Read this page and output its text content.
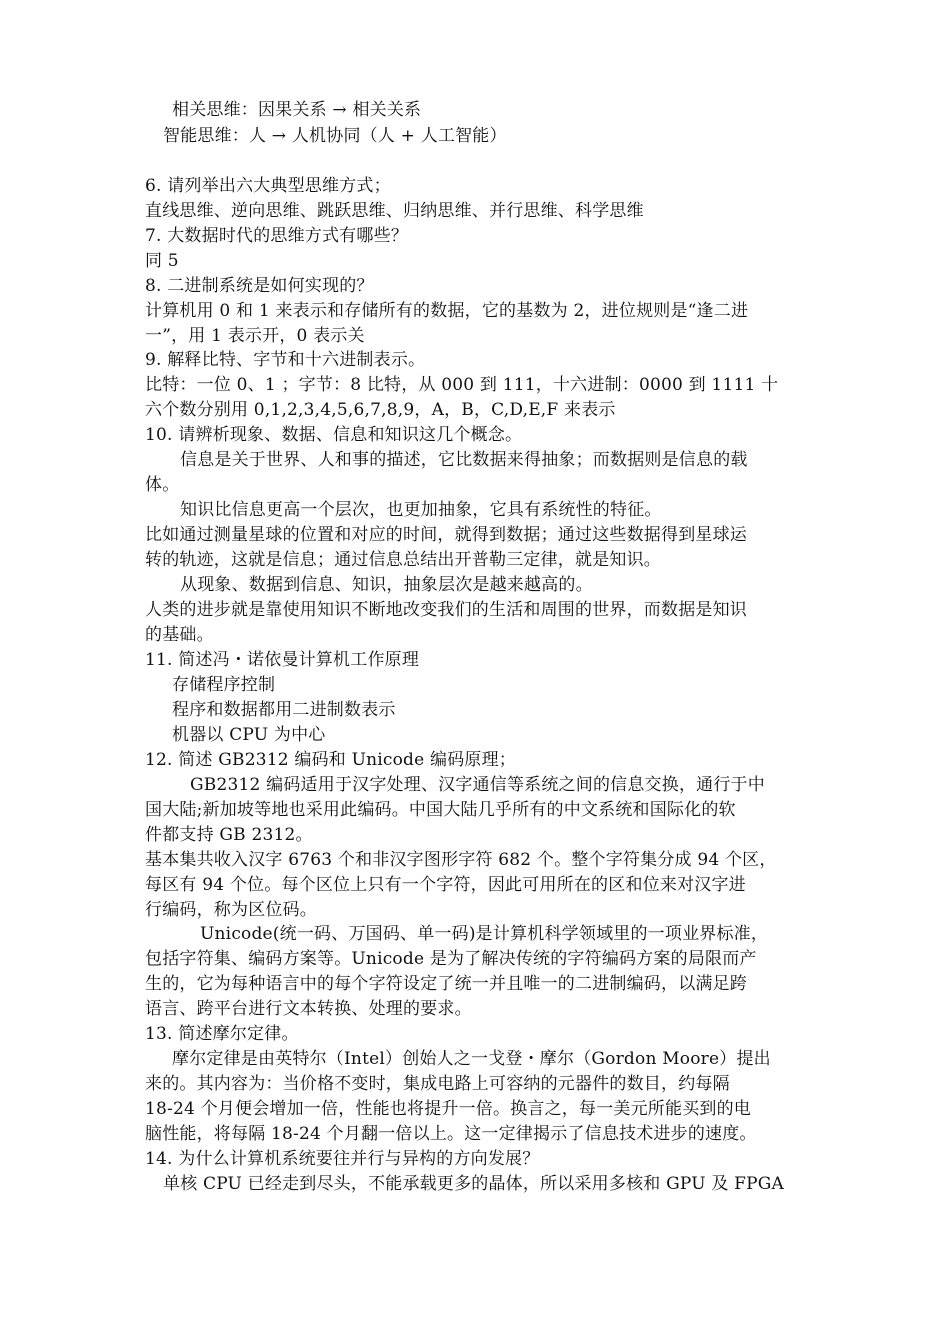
相关思维：因果关系 → 相关关系
智能思维：人 → 人机协同（人 + 人工智能）
6. 请列举出六大典型思维方式；
直线思维、逆向思维、跳跃思维、归纳思维、并行思维、科学思维
7. 大数据时代的思维方式有哪些？
同 5
8. 二进制系统是如何实现的？
计算机用 0 和 1 来表示和存储所有的数据，它的基数为 2，进位规则是“逢二进
一”，用 1 表示开，0 表示关
9. 解释比特、字节和十六进制表示。
比特：一位 0、1 ；字节：8 比特，从 000 到 111，十六进制：0000 到 1111 十
六个数分别用 0,1,2,3,4,5,6,7,8,9，A，B，C,D,E,F 来表示
10. 请辨析现象、数据、信息和知识这几个概念。
信息是关于世界、人和事的描述，它比数据来得抽象；而数据则是信息的载
体。
知识比信息更高一个层次，也更加抽象，它具有系统性的特征。
比如通过测量星球的位置和对应的时间，就得到数据；通过这些数据得到星球运
转的轨迹，这就是信息；通过信息总结出开普勒三定律，就是知识。
从现象、数据到信息、知识，抽象层次是越来越高的。
人类的进步就是靠使用知识不断地改变我们的生活和周围的世界，而数据是知识
的基础。
11. 简述冯・诺依曼计算机工作原理
存储程序控制
程序和数据都用二进制数表示
机器以 CPU 为中心
12. 简述 GB2312 编码和 Unicode 编码原理；
GB2312 编码适用于汉字处理、汉字通信等系统之间的信息交换，通行于中
国大陆;新加坡等地也采用此编码。中国大陆几乎所有的中文系统和国际化的软
件都支持 GB 2312。
基本集共收入汉字 6763 个和非汉字图形字符 682 个。整个字符集分成 94 个区，
每区有 94 个位。每个区位上只有一个字符，因此可用所在的区和位来对汉字进
行编码，称为区位码。
Unicode(统一码、万国码、单一码)是计算机科学领域里的一项业界标准，
包括字符集、编码方案等。Unicode 是为了解决传统的字符编码方案的局限而产
生的，它为每种语言中的每个字符设定了统一并且唯一的二进制编码，以满足跨
语言、跨平台进行文本转换、处理的要求。
13. 简述摩尔定律。
摩尔定律是由英特尔（Intel）创始人之一戈登・摩尔（Gordon Moore）提出
来的。其内容为：当价格不变时，集成电路上可容纳的元器件的数目，约每隔
18-24 个月便会增加一倍，性能也将提升一倍。换言之，每一美元所能买到的电
脑性能，将每隔 18-24 个月翻一倍以上。这一定律揭示了信息技术进步的速度。
14. 为什么计算机系统要往并行与异构的方向发展？
单核 CPU 已经走到尽头，不能承载更多的晶体，所以采用多核和 GPU 及 FPGA
